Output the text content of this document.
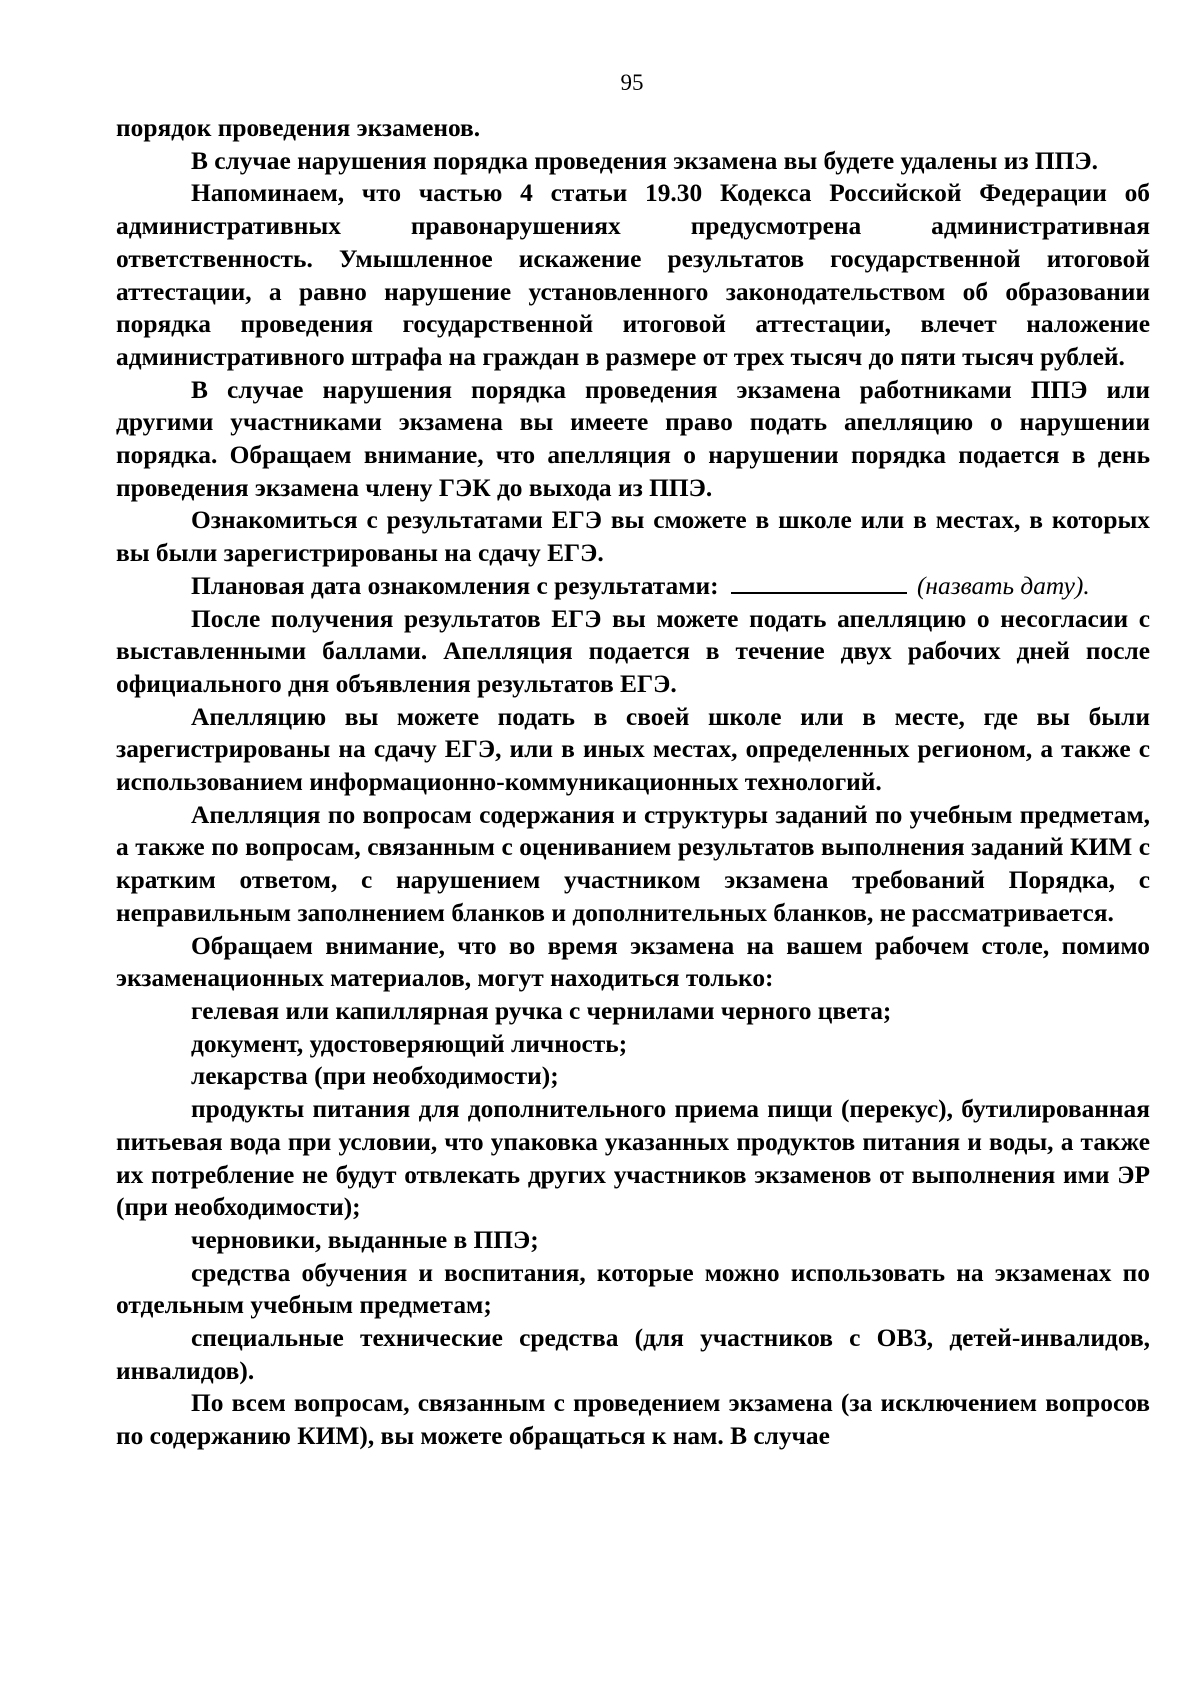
95

порядок проведения экзаменов.

В случае нарушения порядка проведения экзамена вы будете удалены из ППЭ.

Напоминаем, что частью 4 статьи 19.30 Кодекса Российской Федерации об административных правонарушениях предусмотрена административная ответственность. Умышленное искажение результатов государственной итоговой аттестации, а равно нарушение установленного законодательством об образовании порядка проведения государственной итоговой аттестации, влечет наложение административного штрафа на граждан в размере от трех тысяч до пяти тысяч рублей.

В случае нарушения порядка проведения экзамена работниками ППЭ или другими участниками экзамена вы имеете право подать апелляцию о нарушении порядка. Обращаем внимание, что апелляция о нарушении порядка подается в день проведения экзамена члену ГЭК до выхода из ППЭ.

Ознакомиться с результатами ЕГЭ вы сможете в школе или в местах, в которых вы были зарегистрированы на сдачу ЕГЭ.

Плановая дата ознакомления с результатами:	(назвать дату).

После получения результатов ЕГЭ вы можете подать апелляцию о несогласии с выставленными баллами. Апелляция подается в течение двух рабочих дней после официального дня объявления результатов ЕГЭ.

Апелляцию вы можете подать в своей школе или в месте, где вы были зарегистрированы на сдачу ЕГЭ, или в иных местах, определенных регионом, а также с использованием информационно-коммуникационных технологий.

Апелляция по вопросам содержания и структуры заданий по учебным предметам, а также по вопросам, связанным с оцениванием результатов выполнения заданий КИМ с кратким ответом, с нарушением участником экзамена требований Порядка, с неправильным заполнением бланков и дополнительных бланков, не рассматривается.

Обращаем внимание, что во время экзамена на вашем рабочем столе, помимо экзаменационных материалов, могут находиться только:

гелевая или капиллярная ручка с чернилами черного цвета;

документ, удостоверяющий личность;

лекарства (при необходимости);

продукты питания для дополнительного приема пищи (перекус), бутилированная питьевая вода при условии, что упаковка указанных продуктов питания и воды, а также их потребление не будут отвлекать других участников экзаменов от выполнения ими ЭР (при необходимости);

черновики, выданные в ППЭ;

средства обучения и воспитания, которые можно использовать на экзаменах по отдельным учебным предметам;

специальные технические средства (для участников с ОВЗ, детей-инвалидов, инвалидов).

По всем вопросам, связанным с проведением экзамена (за исключением вопросов по содержанию КИМ), вы можете обращаться к нам. В случае
